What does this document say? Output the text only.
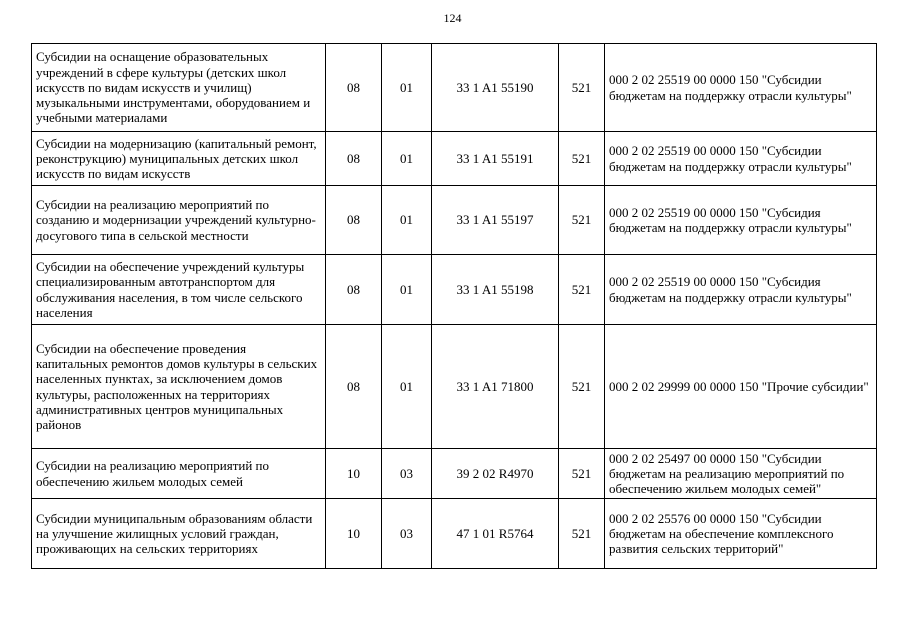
124
Субсидии на оснащение образовательных учреждений в сфере культуры (детских школ искусств по видам искусств и училищ) музыкальными инструментами, оборудованием и учебными материалами	08	01	33 1 A1 55190	521	000 2 02 25519 00 0000 150 "Субсидии бюджетам на поддержку отрасли культуры"
Субсидии на модернизацию (капитальный ремонт, реконструкцию) муниципальных детских школ искусств по видам искусств	08	01	33 1 A1 55191	521	000 2 02 25519 00 0000 150 "Субсидии бюджетам на поддержку отрасли культуры"
Субсидии на реализацию мероприятий по созданию и модернизации учреждений культурно-досугового типа в сельской местности	08	01	33 1 A1 55197	521	000 2 02 25519 00 0000 150 "Субсидия бюджетам на поддержку отрасли культуры"
Субсидии на обеспечение учреждений культуры специализированным автотранспортом для обслуживания населения, в том числе сельского населения	08	01	33 1 A1 55198	521	000 2 02 25519 00 0000 150 "Субсидия бюджетам на поддержку отрасли культуры"
Субсидии на обеспечение проведения капитальных ремонтов домов культуры в сельских населенных пунктах, за исключением домов культуры, расположенных на территориях административных центров муниципальных районов	08	01	33 1 A1 71800	521	000 2 02 29999 00 0000 150 "Прочие субсидии"
Субсидии на реализацию мероприятий по обеспечению жильем молодых семей	10	03	39 2 02 R4970	521	000 2 02 25497 00 0000 150 "Субсидии бюджетам на реализацию мероприятий по обеспечению жильем молодых семей"
Субсидии муниципальным образованиям области на улучшение жилищных условий граждан, проживающих на сельских территориях	10	03	47 1 01 R5764	521	000 2 02 25576 00 0000 150 "Субсидии бюджетам на обеспечение комплексного развития сельских территорий"
